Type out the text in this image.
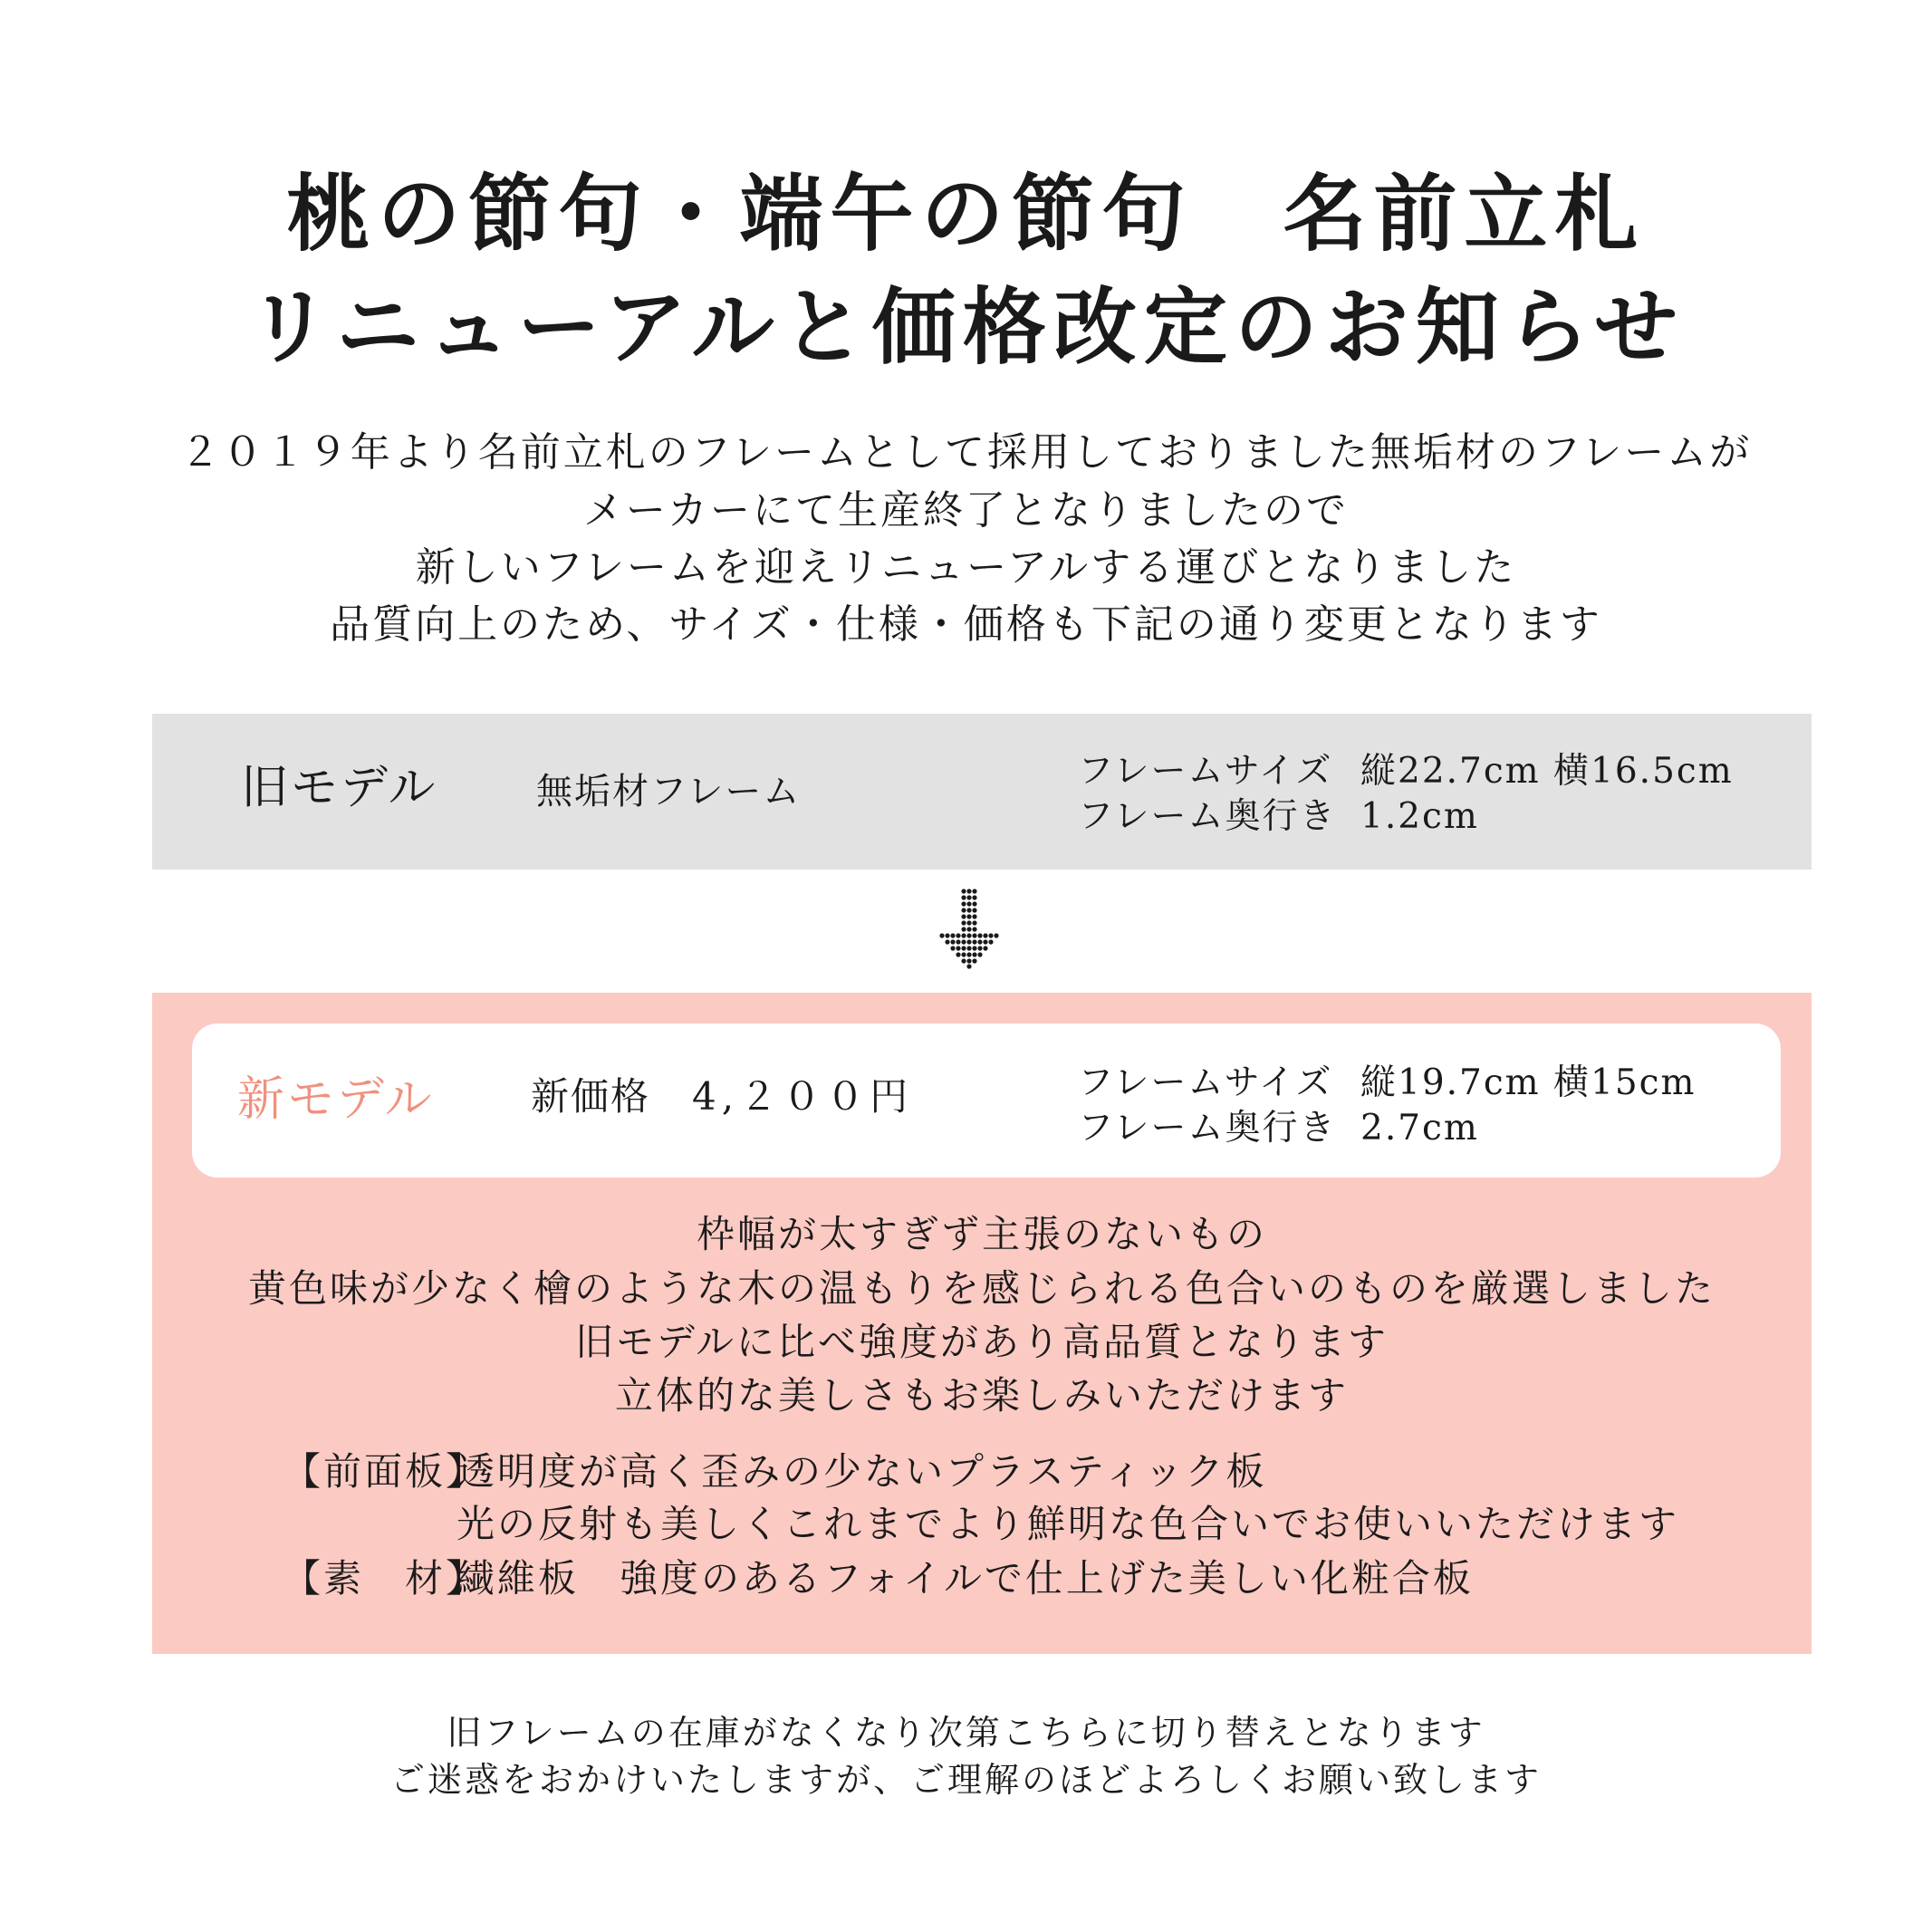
桃の節句・端午の節句　名前立札
リニューアルと価格改定のお知らせ
２０１９年より名前立札のフレームとして採用しておりました無垢材のフレームが
メーカーにて生産終了となりましたので
新しいフレームを迎えリニューアルする運びとなりました
品質向上のため、サイズ・仕様・価格も下記の通り変更となります
旧モデル	無垢材フレーム	フレームサイズ 縦22.7cm 横16.5cm
フレーム奥行き 1.2cm
新モデル	新価格 4,２００円	フレームサイズ 縦19.7cm 横15cm
フレーム奥行き 2.7cm
枠幅が太すぎず主張のないもの
黄色味が少なく檜のような木の温もりを感じられる色合いのものを厳選しました
旧モデルに比べ強度があり高品質となります
立体的な美しさもお楽しみいただけます
【前面板】
透明度が高く歪みの少ないプラスティック板
光の反射も美しくこれまでより鮮明な色合いでお使いいただけます
【素　材】
繊維板　強度のあるフォイルで仕上げた美しい化粧合板
旧フレームの在庫がなくなり次第こちらに切り替えとなります
ご迷惑をおかけいたしますが、ご理解のほどよろしくお願い致します
